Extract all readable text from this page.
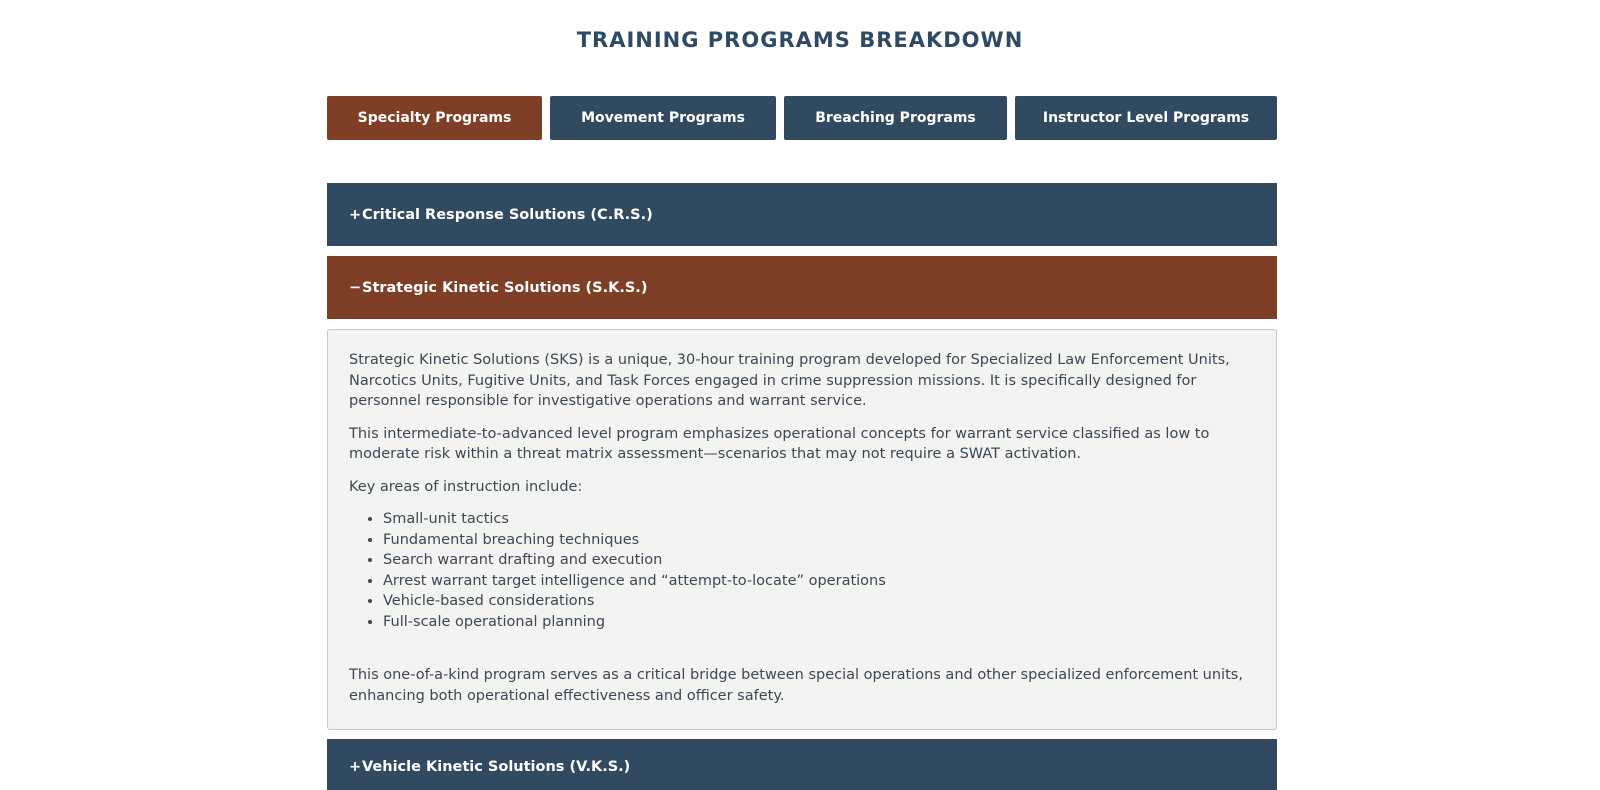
TRAINING PROGRAMS BREAKDOWN
Specialty Programs	Movement Programs	Breaching Programs	Instructor Level Programs
+ Critical Response Solutions (C.R.S.)
− Strategic Kinetic Solutions (S.K.S.)

Strategic Kinetic Solutions (SKS) is a unique, 30-hour training program developed for Specialized Law Enforcement Units, Narcotics Units, Fugitive Units, and Task Forces engaged in crime suppression missions. It is specifically designed for personnel responsible for investigative operations and warrant service.

This intermediate-to-advanced level program emphasizes operational concepts for warrant service classified as low to moderate risk within a threat matrix assessment—scenarios that may not require a SWAT activation.

Key areas of instruction include:

• Small-unit tactics
• Fundamental breaching techniques
• Search warrant drafting and execution
• Arrest warrant target intelligence and “attempt-to-locate” operations
• Vehicle-based considerations
• Full-scale operational planning

This one-of-a-kind program serves as a critical bridge between special operations and other specialized enforcement units, enhancing both operational effectiveness and officer safety.

+ Vehicle Kinetic Solutions (V.K.S.)
